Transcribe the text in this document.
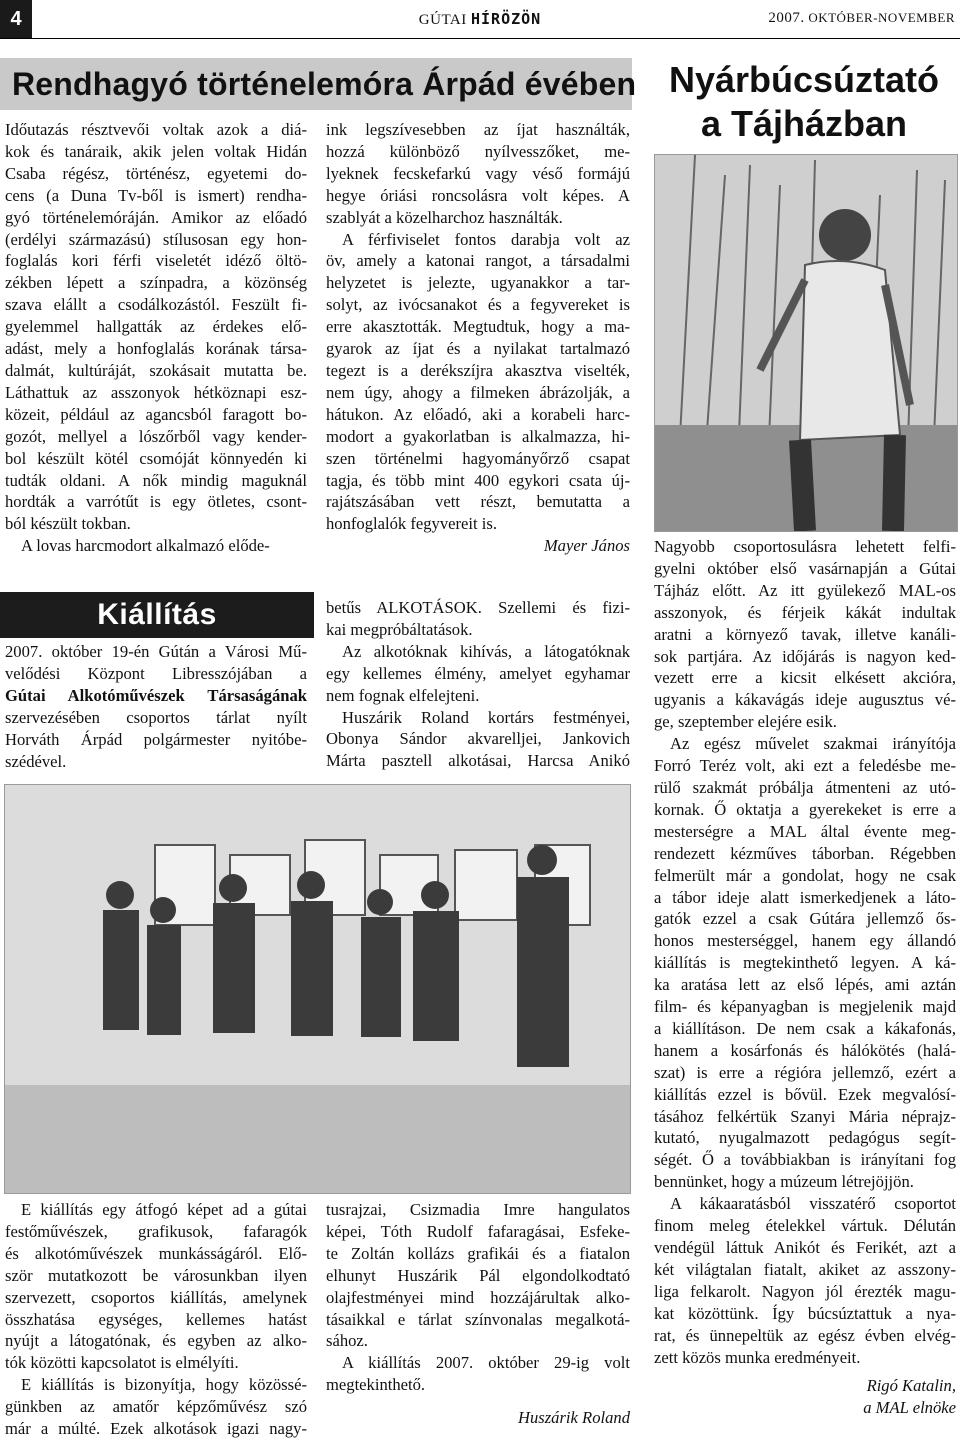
4	GÚTAI HÍRÖZÖN	2007. OKTÓBER-NOVEMBER
Rendhagyó történelemóra Árpád évében Nyárbúcsúztató
a Tájházban
Időutazás résztvevői voltak azok a diá-
kok és tanáraik, akik jelen voltak Hidán
Csaba régész, történész, egyetemi do-
cens (a Duna Tv-ből is ismert) rendha-
gyó történelemóráján. Amikor az előadó
(erdélyi származású) stílusosan egy hon-
foglalás kori férfi viseletét idéző öltö-
zékben lépett a színpadra, a közönség
szava elállt a csodálkozástól. Feszült fi-
gyelemmel hallgatták az érdekes elő-
adást, mely a honfoglalás korának társa-
dalmát, kultúráját, szokásait mutatta be.
Láthattuk az asszonyok hétköznapi esz-
közeit, például az agancsból faragott bo-
gozót, mellyel a lószőrből vagy kender-
bol készült kötél csomóját könnyedén ki
tudták oldani. A nők mindig maguknál
hordták a varrótűt is egy ötletes, csont-
ból készült tokban.
A lovas harcmodort alkalmazó előde-
ink legszívesebben az íjat használták,
hozzá különböző nyílvesszőket, me-
lyeknek fecskefarkú vagy véső formájú
hegye óriási roncsolásra volt képes. A
szablyát a közelharchoz használták.
A férfiviselet fontos darabja volt az
öv, amely a katonai rangot, a társadalmi
helyzetet is jelezte, ugyanakkor a tar-
solyt, az ivócsanakot és a fegyvereket is
erre akasztották. Megtudtuk, hogy a ma-
gyarok az íjat és a nyilakat tartalmazó
tegezt is a derékszíjra akasztva viselték,
nem úgy, ahogy a filmeken ábrázolják, a
hátukon. Az előadó, aki a korabeli harc-
modort a gyakorlatban is alkalmazza, hi-
szen történelmi hagyományőrző csapat
tagja, és több mint 400 egykori csata új-
rajátszásában vett részt, bemutatta a
honfoglalók fegyvereit is.
Mayer János
Kiállítás
2007. október 19-én Gútán a Városi Mű-
velődési Központ Libresszójában a
Gútai Alkotóművészek Társaságának
szervezésében csoportos tárlat nyílt
Horváth Árpád polgármester nyitóbe-
szédével.
betűs ALKOTÁSOK. Szellemi és fizi-
kai megpróbáltatások.
Az alkotóknak kihívás, a látogatóknak
egy kellemes élmény, amelyet egyhamar
nem fognak elfelejteni.
Huszárik Roland kortárs festményei,
Obonya Sándor akvarelljei, Jankovich
Márta pasztell alkotásai, Harcsa Anikó
E kiállítás egy átfogó képet ad a gútai
festőművészek, grafikusok, fafaragók
és alkotóművészek munkásságáról. Elő-
ször mutatkozott be városunkban ilyen
szervezett, csoportos kiállítás, amelynek
összhatása egységes, kellemes hatást
nyújt a látogatónak, és egyben az alko-
tók közötti kapcsolatot is elmélyíti.
E kiállítás is bizonyítja, hogy közössé-
günkben az amatőr képzőművész szó
már a múlté. Ezek alkotások igazi nagy-
tusrajzai, Csizmadia Imre hangulatos
képei, Tóth Rudolf fafaragásai, Esfeke-
te Zoltán kollázs grafikái és a fiatalon
elhunyt Huszárik Pál elgondolkodtató
olajfestményei mind hozzájárultak alko-
tásaikkal e tárlat színvonalas megalkotá-
sához.
A kiállítás 2007. október 29-ig volt
megtekinthető.
Huszárik Roland
Nagyobb csoportosulásra lehetett felfi-
gyelni október első vasárnapján a Gútai
Tájház előtt. Az itt gyülekező MAL-os
asszonyok, és férjeik kákát indultak
aratni a környező tavak, illetve kanáli-
sok partjára. Az időjárás is nagyon ked-
vezett erre a kicsit elkésett akcióra,
ugyanis a kákavágás ideje augusztus vé-
ge, szeptember elejére esik.
Az egész művelet szakmai irányítója
Forró Teréz volt, aki ezt a feledésbe me-
rülő szakmát próbálja átmenteni az utó-
kornak. Ő oktatja a gyerekeket is erre a
mesterségre a MAL által évente meg-
rendezett kézműves táborban. Régebben
felmerült már a gondolat, hogy ne csak
a tábor ideje alatt ismerkedjenek a láto-
gatók ezzel a csak Gútára jellemző ős-
honos mesterséggel, hanem egy állandó
kiállítás is megtekinthető legyen. A ká-
ka aratása lett az első lépés, ami aztán
film- és képanyagban is megjelenik majd
a kiállításon. De nem csak a kákafonás,
hanem a kosárfonás és hálókötés (halá-
szat) is erre a régióra jellemző, ezért a
kiállítás ezzel is bővül. Ezek megvalósí-
tásához felkértük Szanyi Mária néprajz-
kutató, nyugalmazott pedagógus segít-
ségét. Ő a továbbiakban is irányítani fog
bennünket, hogy a múzeum létrejöjjön.
A kákaaratásból visszatérő csoportot
finom meleg ételekkel vártuk. Délután
vendégül láttuk Anikót és Ferikét, azt a
két világtalan fiatalt, akiket az asszony-
liga felkarolt. Nagyon jól érezték magu-
kat közöttünk. Így búcsúztattuk a nya-
rat, és ünnepeltük az egész évben elvég-
zett közös munka eredményeit.
Rigó Katalin,
a MAL elnöke
